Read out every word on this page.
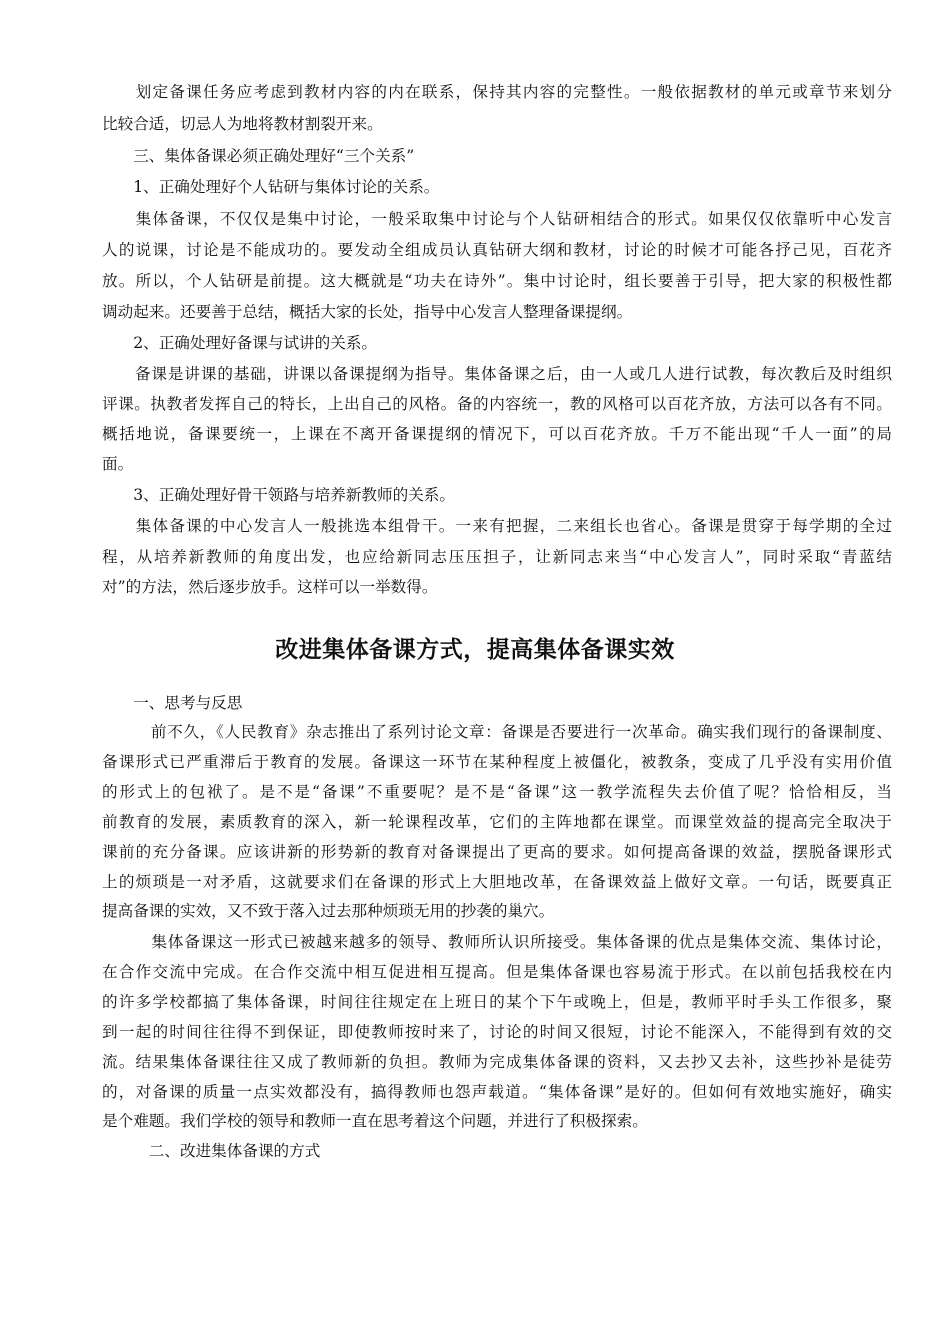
　　划定备课任务应考虑到教材内容的内在联系，保持其内容的完整性。一般依据教材的单元或章节来划分
比较合适，切忌人为地将教材割裂开来。
　　三、集体备课必须正确处理好“三个关系”
　　1、正确处理好个人钻研与集体讨论的关系。
　　集体备课，不仅仅是集中讨论，一般采取集中讨论与个人钻研相结合的形式。如果仅仅依靠听中心发言
人的说课，讨论是不能成功的。要发动全组成员认真钻研大纲和教材，讨论的时候才可能各抒己见，百花齐
放。所以，个人钻研是前提。这大概就是“功夫在诗外”。集中讨论时，组长要善于引导，把大家的积极性都
调动起来。还要善于总结，概括大家的长处，指导中心发言人整理备课提纲。
　　2、正确处理好备课与试讲的关系。
　　备课是讲课的基础，讲课以备课提纲为指导。集体备课之后，由一人或几人进行试教，每次教后及时组织
评课。执教者发挥自己的特长，上出自己的风格。备的内容统一，教的风格可以百花齐放，方法可以各有不同。
概括地说，备课要统一，上课在不离开备课提纲的情况下，可以百花齐放。千万不能出现“千人一面”的局
面。
　　3、正确处理好骨干领路与培养新教师的关系。
　　集体备课的中心发言人一般挑选本组骨干。一来有把握，二来组长也省心。备课是贯穿于每学期的全过
程，从培养新教师的角度出发，也应给新同志压压担子，让新同志来当“中心发言人”，同时采取“青蓝结
对”的方法，然后逐步放手。这样可以一举数得。
改进集体备课方式，提高集体备课实效
　　一、思考与反思
　　　前不久，《人民教育》杂志推出了系列讨论文章：备课是否要进行一次革命。确实我们现行的备课制度、
备课形式已严重滞后于教育的发展。备课这一环节在某种程度上被僵化，被教条，变成了几乎没有实用价值
的形式上的包袱了。是不是“备课”不重要呢？是不是“备课”这一教学流程失去价值了呢？恰恰相反，当
前教育的发展，素质教育的深入，新一轮课程改革，它们的主阵地都在课堂。而课堂效益的提高完全取决于
课前的充分备课。应该讲新的形势新的教育对备课提出了更高的要求。如何提高备课的效益，摆脱备课形式
上的烦琐是一对矛盾，这就要求们在备课的形式上大胆地改革，在备课效益上做好文章。一句话，既要真正
提高备课的实效，又不致于落入过去那种烦琐无用的抄袭的巢穴。
　　　集体备课这一形式已被越来越多的领导、教师所认识所接受。集体备课的优点是集体交流、集体讨论，
在合作交流中完成。在合作交流中相互促进相互提高。但是集体备课也容易流于形式。在以前包括我校在内
的许多学校都搞了集体备课，时间往往规定在上班日的某个下午或晚上，但是，教师平时手头工作很多，聚
到一起的时间往往得不到保证，即使教师按时来了，讨论的时间又很短，讨论不能深入，不能得到有效的交
流。结果集体备课往往又成了教师新的负担。教师为完成集体备课的资料，又去抄又去补，这些抄补是徒劳
的，对备课的质量一点实效都没有，搞得教师也怨声载道。“集体备课”是好的。但如何有效地实施好，确实
是个难题。我们学校的领导和教师一直在思考着这个问题，并进行了积极探索。
　　　二、改进集体备课的方式
